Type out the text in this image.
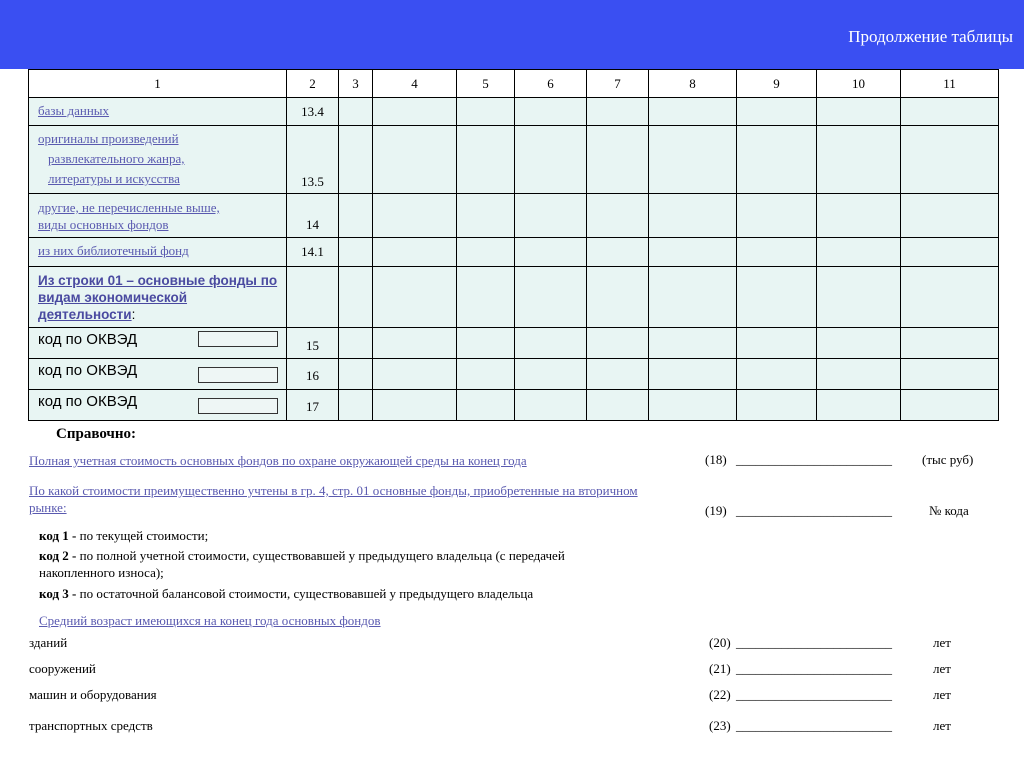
Продолжение таблицы
1	2	3	4	5	6	7	8	9	10	11
базы данных	13.4									

оригиналы произведений
развлекательного жанра,
литературы и искусства	13.5									

другие, не перечисленные выше,
виды основных фондов	14									
из них библиотечный фонд	14.1									
Из строки 01 – основные фонды по видам экономической деятельности:										

код по ОКВЭД	15									

код по ОКВЭД	16									

код по ОКВЭД	17									
Справочно:
Полная учетная стоимость основных фондов по охране окружающей среды на конец года	(18) ________________________ (тыс руб)
По какой стоимости преимущественно учтены в гр. 4, стр. 01 основные фонды, приобретенные на вторичном рынке:	(19) ________________________	№ кода
код 1 - по текущей стоимости;
код 2 - по полной учетной стоимости, существовавшей у предыдущего владельца (с передачей накопленного износа);
код 3 - по остаточной балансовой стоимости, существовавшей у предыдущего владельца
Средний возраст имеющихся на конец года основных фондов
зданий	(20) ________________________	лет
сооружений	(21) ________________________	лет
машин и оборудования	(22) ________________________	лет
транспортных средств	(23) ________________________	лет
